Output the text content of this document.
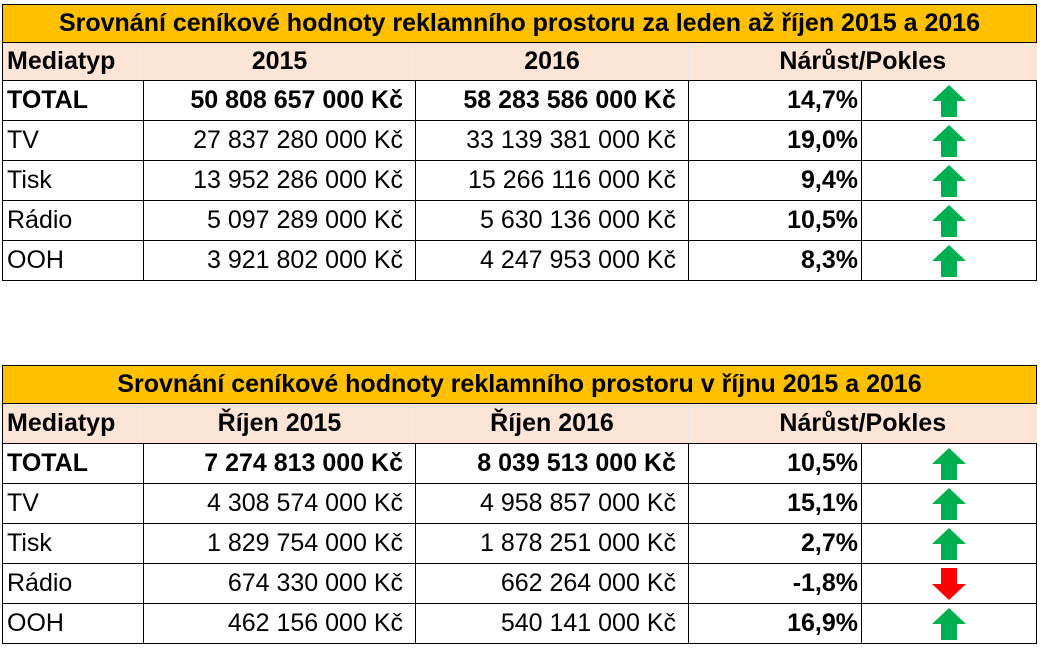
Srovnání ceníkové hodnoty reklamního prostoru za leden až říjen 2015 a 2016				
Mediatyp	2015	2016	Nárůst/Pokles	
TOTAL	50 808 657 000 Kč	58 283 586 000 Kč	14,7%	

TV	27 837 280 000 Kč	33 139 381 000 Kč	19,0%	

Tisk	13 952 286 000 Kč	15 266 116 000 Kč	9,4%	

Rádio	5 097 289 000 Kč	5 630 136 000 Kč	10,5%	

OOH	3 921 802 000 Kč	4 247 953 000 Kč	8,3%	
Srovnání ceníkové hodnoty reklamního prostoru v říjnu 2015 a 2016				
Mediatyp	Říjen 2015	Říjen 2016	Nárůst/Pokles	
TOTAL	7 274 813 000 Kč	8 039 513 000 Kč	10,5%	

TV	4 308 574 000 Kč	4 958 857 000 Kč	15,1%	

Tisk	1 829 754 000 Kč	1 878 251 000 Kč	2,7%	

Rádio	674 330 000 Kč	662 264 000 Kč	-1,8%	

OOH	462 156 000 Kč	540 141 000 Kč	16,9%	
